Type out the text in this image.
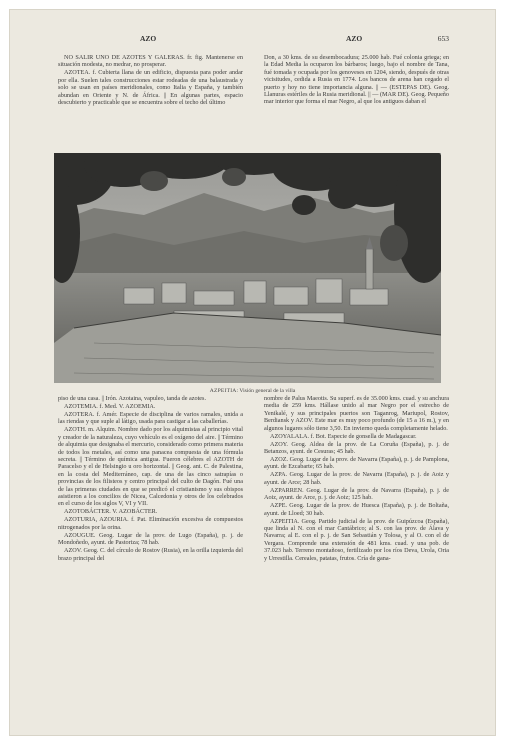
AZO	AZO	653

NO SALIR UNO DE AZOTES Y GALERAS. fr. fig. Mantenerse en situación modesta, no medrar, no prosperar.

AZOTEA. f. Cubierta llana de un edificio, dispuesta para poder andar por ella. Suelen tales construcciones estar rodeadas de una balaustrada y solo se usan en países meridionales, como Italia y España, y también abundan en Oriente y N. de África. || En algunas partes, espacio descubierto y practicable que se encuentra sobre el techo del último

Don, a 30 kms. de su desembocadura; 25.000 hab. Fué colonia griega; en la Edad Media la ocuparon los bárbaros; luego, bajo el nombre de Tana, fué tomada y ocupada por los genoveses en 1204, siendo, después de otras vicisitudes, cedida a Rusia en 1774. Los bancos de arena han cegado el puerto y hoy no tiene importancia alguna. || — (ESTEPAS DE). Geog. Llanuras estériles de la Rusia meridional. || — (MAR DE). Geog. Pequeño mar interior que forma el mar Negro, al que los antiguos daban el

AZPEITIA: Visión general de la villa

piso de una casa. || Irón. Azotaina, vapuleo, tanda de azotes.

AZOTEMIA. f. Med. V. AZOEMIA.

AZOTERA. f. Amér. Especie de disciplina de varios ramales, unida a las riendas y que suple al látigo, usada para castigar a las caballerías.

AZOTH. m. Alquim. Nombre dado por los alquimistas al principio vital y creador de la naturaleza, cuyo vehículo es el oxígeno del aire. || Término de alquimia que designaba el mercurio, considerado como primera materia de todos los metales, así como una panacea compuesta de una fórmula secreta. || Término de química antigua. Fueron célebres el AZOTH de Paracelso y el de Helsingio u oro horizontal. || Geog. ant. C. de Palestina, en la costa del Mediterráneo, cap. de una de las cinco satrapías o provincias de los filisteos y centro principal del culto de Dagón. Fué una de las primeras ciudades en que se predicó el cristianismo y sus obispos asistieron a los concilios de Nicea, Calcedonia y otros de los celebrados en el curso de los siglos V, VI y VII.

AZOTOBÁCTER. V. AZOBÁCTER.

AZOTURIA, AZOURIA. f. Pat. Eliminación excesiva de compuestos nitrogenados por la orina.

AZOUGUE. Geog. Lugar de la prov. de Lugo (España), p. j. de Mondoñedo, ayunt. de Pastoriza; 78 hab.

AZOV. Geog. C. del círculo de Rostov (Rusia), en la orilla izquierda del brazo principal del

nombre de Palus Maeotis. Su superf. es de 35.000 kms. cuad. y su anchura media de 259 kms. Hállase unido al mar Negro por el estrecho de Yenikalé, y sus principales puertos son Taganrog, Mariupol, Rostov, Berdiansk y AZOV. Este mar es muy poco profundo (de 15 a 16 m.), y en algunos lugares sólo tiene 3,50. En invierno queda completamente helado.

AZOYALALA. f. Bot. Especie de gonsella de Madagascar.

AZOY. Geog. Aldea de la prov. de La Coruña (España), p. j. de Betanzos, ayunt. de Cesuras; 45 hab.

AZOZ. Geog. Lugar de la prov. de Navarra (España), p. j. de Pamplona, ayunt. de Ezcabarte; 65 hab.

AZPA. Geog. Lugar de la prov. de Navarra (España), p. j. de Aoiz y ayunt. de Arce; 28 hab.

AZPARREN. Geog. Lugar de la prov. de Navarra (España), p. j. de Aoiz, ayunt. de Arce, p. j. de Aoiz; 125 hab.

AZPE. Geog. Lugar de la prov. de Huesca (España), p. j. de Boltaña, ayunt. de Lloed; 30 hab.

AZPEITIA. Geog. Partido judicial de la prov. de Guipúzcoa (España), que linda al N. con el mar Cantábrico; al S. con las prov. de Álava y Navarra; al E. con el p. j. de San Sebastián y Tolosa, y al O. con el de Vergara. Comprende una extensión de 481 kms. cuad. y una pob. de 37.023 hab. Terreno montañoso, fertilizado por los ríos Deva, Urola, Oria y Urrestilla. Cereales, patatas, frutos. Cría de gana-
